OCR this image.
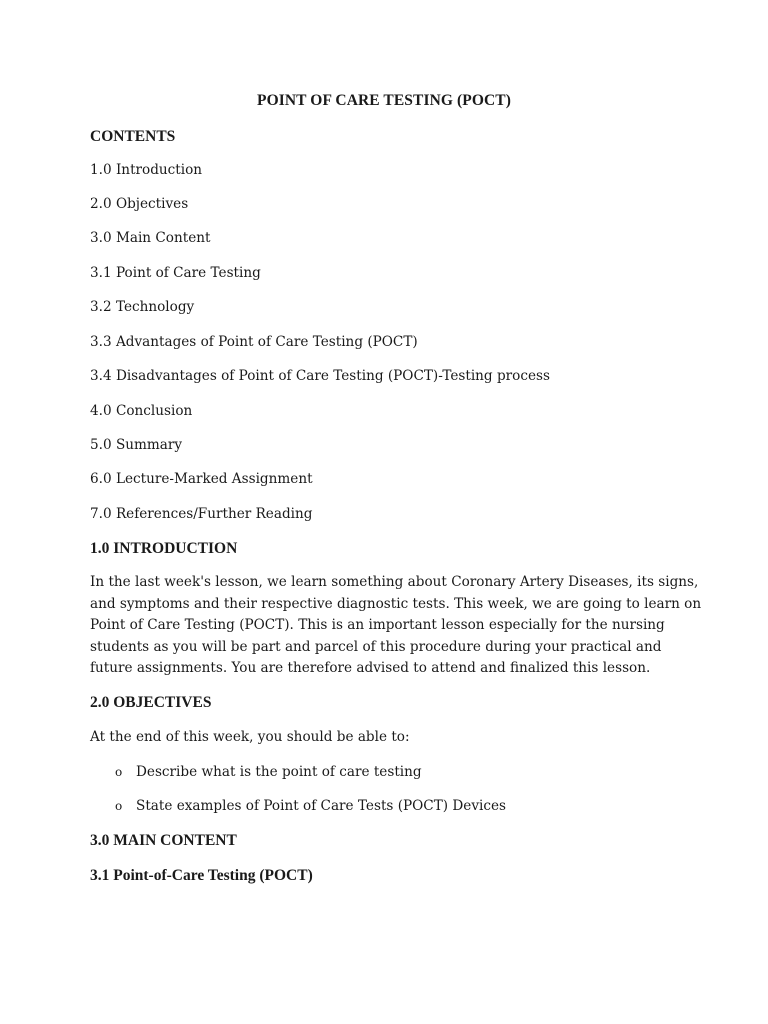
POINT OF CARE TESTING (POCT)
CONTENTS
1.0 Introduction
2.0 Objectives
3.0 Main Content
3.1 Point of Care Testing
3.2 Technology
3.3 Advantages of Point of Care Testing (POCT)
3.4 Disadvantages of Point of Care Testing (POCT)-Testing process
4.0 Conclusion
5.0 Summary
6.0 Lecture-Marked Assignment
7.0 References/Further Reading
1.0 INTRODUCTION
In the last week's lesson, we learn something about Coronary Artery Diseases, its signs,
and symptoms and their respective diagnostic tests. This week, we are going to learn on
Point of Care Testing (POCT). This is an important lesson especially for the nursing
students as you will be part and parcel of this procedure during your practical and
future assignments. You are therefore advised to attend and finalized this lesson.
2.0 OBJECTIVES
At the end of this week, you should be able to:
o Describe what is the point of care testing
o State examples of Point of Care Tests (POCT) Devices
3.0 MAIN CONTENT
3.1 Point-of-Care Testing (POCT)
